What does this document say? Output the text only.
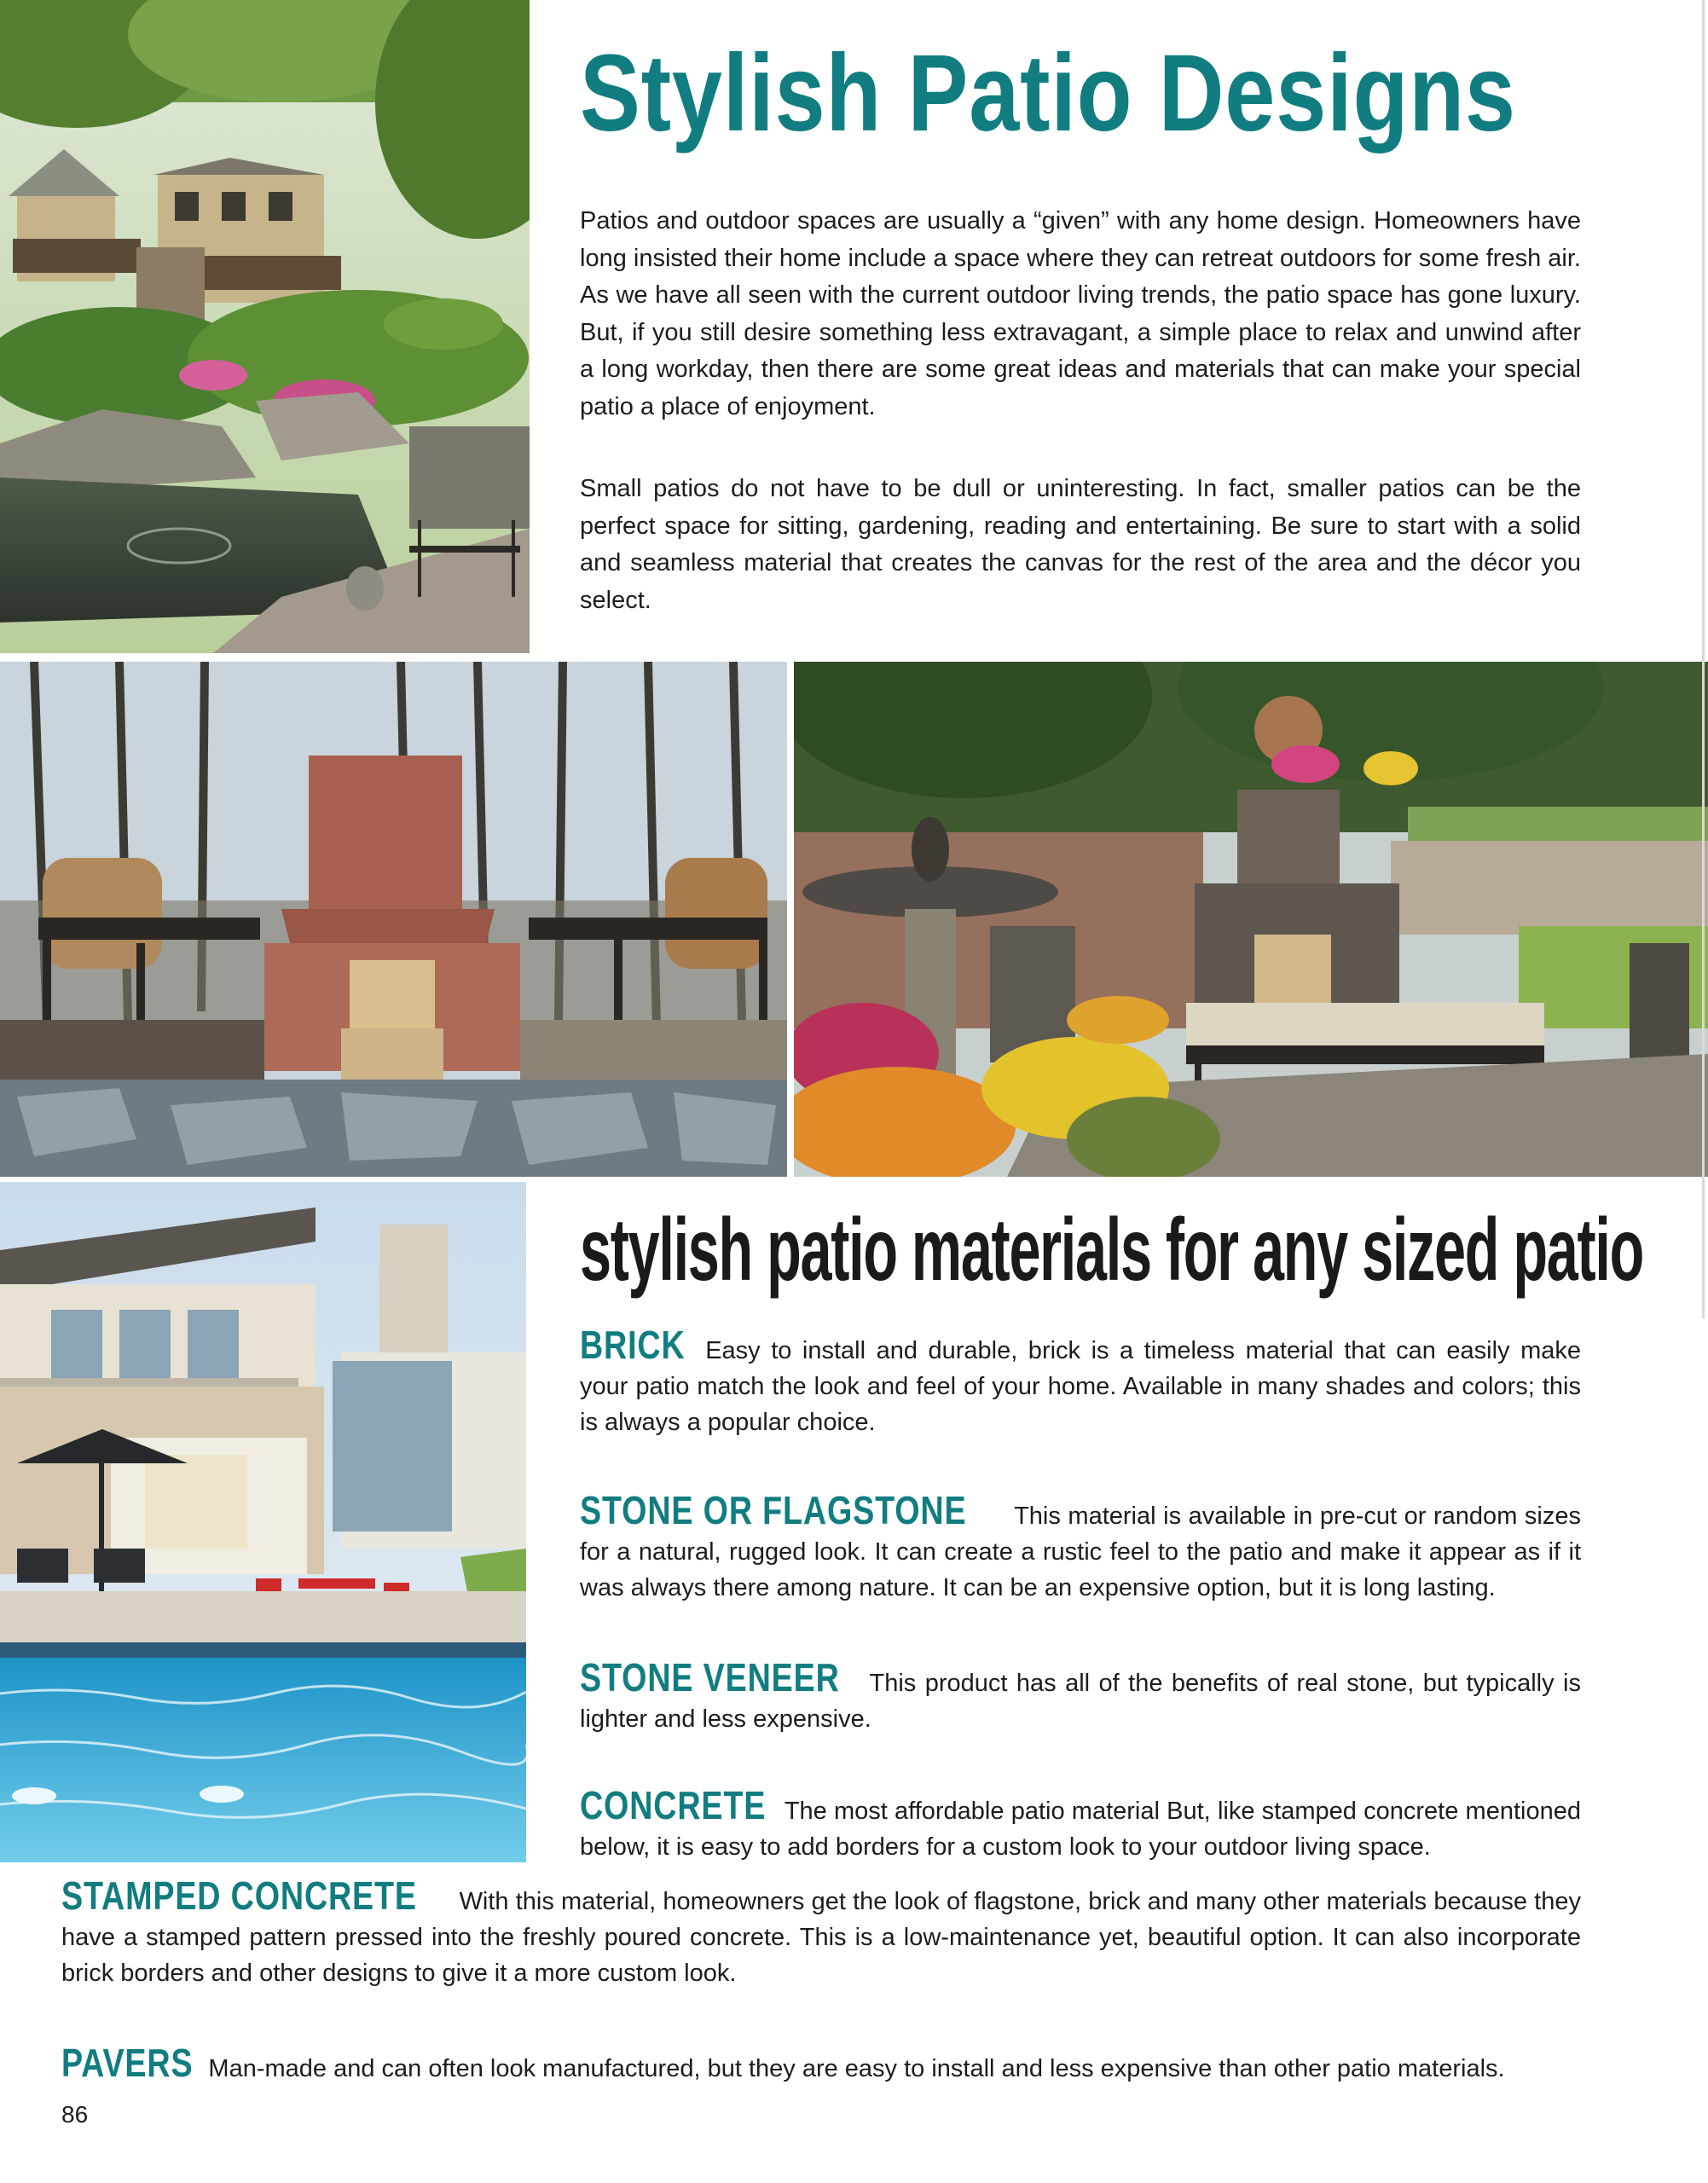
Stylish Patio Designs

Patios and outdoor spaces are usually a “given” with any home design. Homeowners have long insisted their home include a space where they can retreat outdoors for some fresh air. As we have all seen with the current outdoor living trends, the patio space has gone luxury. But, if you still desire something less extravagant, a simple place to relax and unwind after a long workday, then there are some great ideas and materials that can make your special patio a place of enjoyment.

Small patios do not have to be dull or uninteresting. In fact, smaller patios can be the perfect space for sitting, gardening, reading and entertaining. Be sure to start with a solid and seamless material that creates the canvas for the rest of the area and the décor you select.

stylish patio materials for any sized patio

BRICK Easy to install and durable, brick is a timeless material that can easily make your patio match the look and feel of your home. Available in many shades and colors; this is always a popular choice.

STONE OR FLAGSTONE This material is available in pre-cut or random sizes for a natural, rugged look. It can create a rustic feel to the patio and make it appear as if it was always there among nature. It can be an expensive option, but it is long lasting.

STONE VENEER This product has all of the benefits of real stone, but typically is lighter and less expensive.

CONCRETE The most affordable patio material But, like stamped concrete mentioned below, it is easy to add borders for a custom look to your outdoor living space.

STAMPED CONCRETE With this material, homeowners get the look of flagstone, brick and many other materials because they have a stamped pattern pressed into the freshly poured concrete. This is a low-maintenance yet, beautiful option. It can also incorporate brick borders and other designs to give it a more custom look.

PAVERS Man-made and can often look manufactured, but they are easy to install and less expensive than other patio materials.

86
